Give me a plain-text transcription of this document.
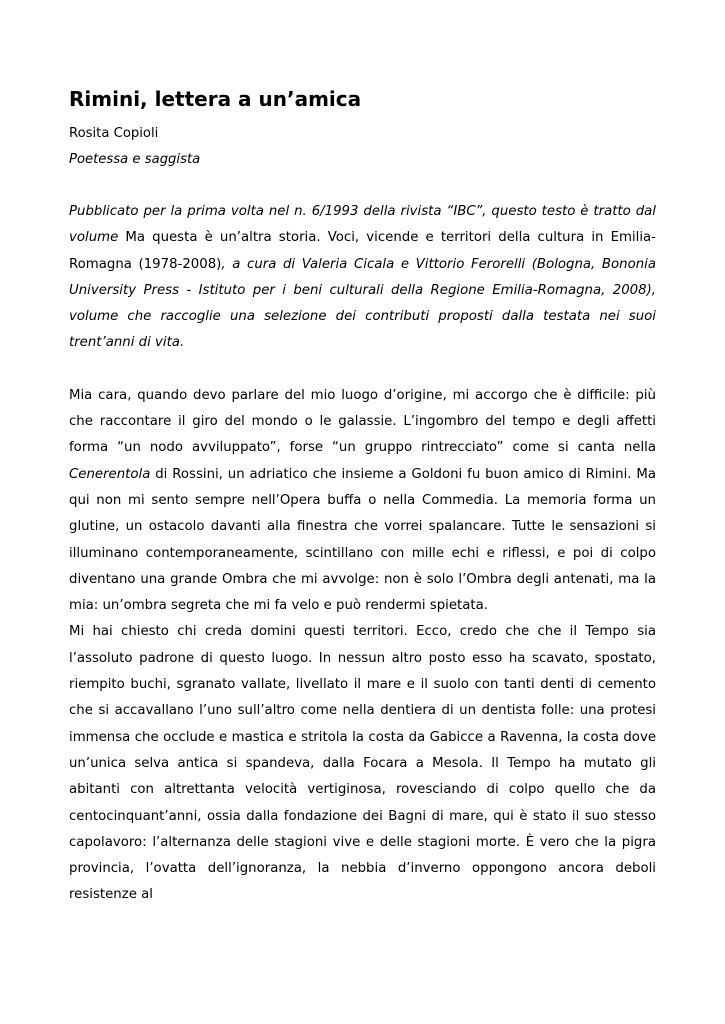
Rimini, lettera a un’amica

Rosita Copioli

Poetessa e saggista

Pubblicato per la prima volta nel n. 6/1993 della rivista “IBC”, questo testo è tratto dal volume Ma questa è un’altra storia. Voci, vicende e territori della cultura in Emilia-Romagna (1978-2008), a cura di Valeria Cicala e Vittorio Ferorelli (Bologna, Bononia University Press - Istituto per i beni culturali della Regione Emilia-Romagna, 2008), volume che raccoglie una selezione dei contributi proposti dalla testata nei suoi trent’anni di vita.

Mia cara, quando devo parlare del mio luogo d’origine, mi accorgo che è difficile: più che raccontare il giro del mondo o le galassie. L’ingombro del tempo e degli affetti forma “un nodo avviluppato”, forse “un gruppo rintrecciato” come si canta nella Cenerentola di Rossini, un adriatico che insieme a Goldoni fu buon amico di Rimini. Ma qui non mi sento sempre nell’Opera buffa o nella Commedia. La memoria forma un glutine, un ostacolo davanti alla finestra che vorrei spalancare. Tutte le sensazioni si illuminano contemporaneamente, scintillano con mille echi e riflessi, e poi di colpo diventano una grande Ombra che mi avvolge: non è solo l’Ombra degli antenati, ma la mia: un’ombra segreta che mi fa velo e può rendermi spietata.

Mi hai chiesto chi creda domini questi territori. Ecco, credo che che il Tempo sia l’assoluto padrone di questo luogo. In nessun altro posto esso ha scavato, spostato, riempito buchi, sgranato vallate, livellato il mare e il suolo con tanti denti di cemento che si accavallano l’uno sull’altro come nella dentiera di un dentista folle: una protesi immensa che occlude e mastica e stritola la costa da Gabicce a Ravenna, la costa dove un’unica selva antica si spandeva, dalla Focara a Mesola. Il Tempo ha mutato gli abitanti con altrettanta velocità vertiginosa, rovesciando di colpo quello che da centocinquant’anni, ossia dalla fondazione dei Bagni di mare, qui è stato il suo stesso capolavoro: l’alternanza delle stagioni vive e delle stagioni morte. È vero che la pigra provincia, l’ovatta dell’ignoranza, la nebbia d’inverno oppongono ancora deboli resistenze al
